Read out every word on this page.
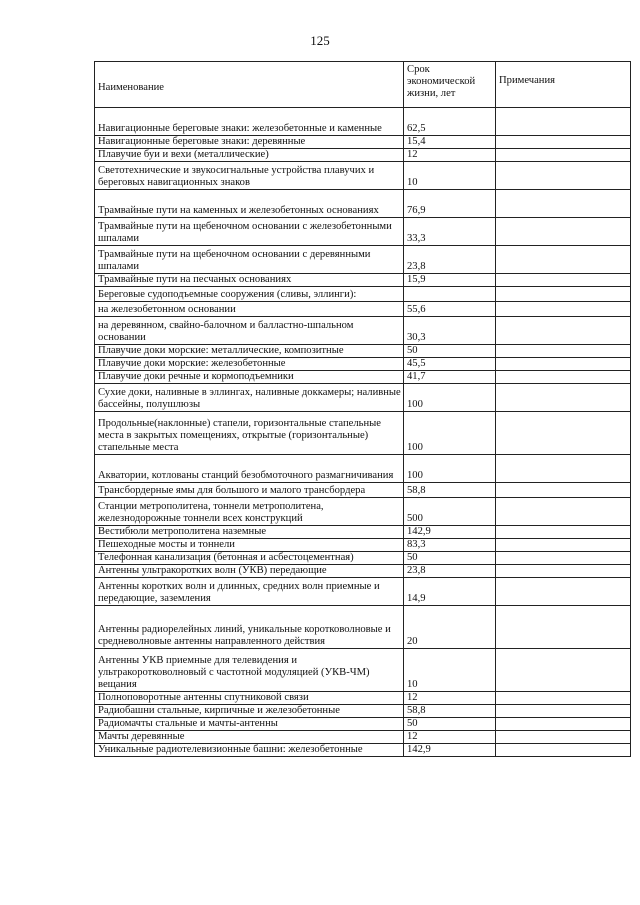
125
Наименование	Срок экономической жизни, лет	Примечания
Навигационные береговые знаки: железобетонные и каменные	62,5	
Навигационные береговые знаки: деревянные	15,4	
Плавучие буи и вехи (металлические)	12	
Светотехнические и звукосигнальные устройства плавучих и береговых навигационных знаков	10	
Трамвайные пути на каменных и железобетонных основаниях	76,9	
Трамвайные пути на щебеночном основании с железобетонными шпалами	33,3	
Трамвайные пути на щебеночном основании с деревянными шпалами	23,8	
Трамвайные пути на песчаных основаниях	15,9	
Береговые судоподъемные сооружения (сливы, эллинги):		
на железобетонном основании	55,6	
на деревянном, свайно-балочном и балластно-шпальном основании	30,3	
Плавучие доки морские: металлические, композитные	50	
Плавучие доки морские: железобетонные	45,5	
Плавучие доки речные и кормоподъемники	41,7	
Сухие доки, наливные в эллингах, наливные доккамеры; наливные бассейны, полушлюзы	100	
Продольные(наклонные) стапели, горизонтальные стапельные места в закрытых помещениях, открытые (горизонтальные) стапельные места	100	
Акватории, котлованы станций безобмоточного размагничивания	100	
Трансбордерные ямы для большого и малого трансбордера	58,8	
Станции метрополитена, тоннели метрополитена, железнодорожные тоннели всех конструкций	500	
Вестибюли метрополитена наземные	142,9	
Пешеходные мосты и тоннели	83,3	
Телефонная канализация (бетонная и асбестоцементная)	50	
Антенны ультракоротких волн (УКВ) передающие	23,8	
Антенны коротких волн и длинных, средних волн приемные и передающие, заземления	14,9	
Антенны радиорелейных линий, уникальные коротковолновые и средневолновые антенны направленного действия	20	
Антенны УКВ приемные для телевидения и ультракоротковолновый с частотной модуляцией (УКВ-ЧМ) вещания	10	
Полноповоротные антенны спутниковой связи	12	
Радиобашни стальные, кирпичные и железобетонные	58,8	
Радиомачты стальные и мачты-антенны	50	
Мачты деревянные	12	
Уникальные радиотелевизионные башни: железобетонные	142,9	
